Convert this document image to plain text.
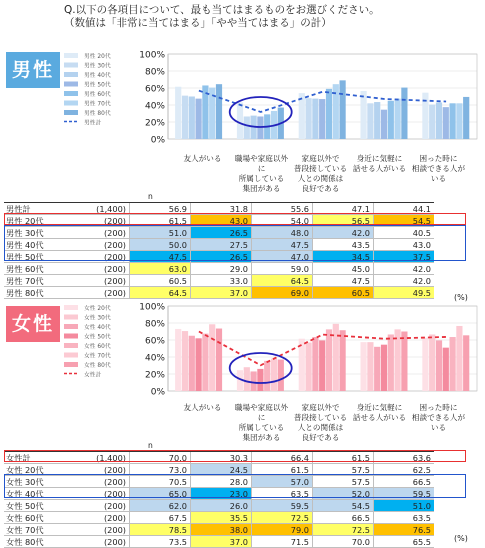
Q.以下の各項目について、最も当てはまるものをお選びください。
（数値は「非常に当てはまる」「やや当てはまる」の計）
男性
女性
男性 20代
男性 30代
男性 40代
男性 50代
男性 60代
男性 70代
男性 80代
男性計
100%
80%
60%
40%
20%
0%
女性 20代
女性 30代
女性 40代
女性 50代
女性 60代
女性 70代
女性 80代
女性計
100%
80%
60%
40%
20%
0%
n
n
友人がいる	職場や家庭以外に
所属している
集団がある
家庭以外で
普段接している
人との関係は
良好である
身近に気軽に
話せる人がいる
困った時に
相談できる人がいる
友人がいる	職場や家庭以外に
所属している
集団がある
家庭以外で
普段接している
人との関係は
良好である
身近に気軽に
話せる人がいる
困った時に
相談できる人がいる
男性計	(1,400)	56.9	31.8	55.6	47.1	44.1
男性 20代	(200)	61.5	43.0	54.0	56.5	54.5
男性 30代	(200)	51.0	26.5	48.0	42.0	40.5
男性 40代	(200)	50.0	27.5	47.5	43.5	43.0
男性 50代	(200)	47.5	26.5	47.0	34.5	37.5
男性 60代	(200)	63.0	29.0	59.0	45.0	42.0
男性 70代	(200)	60.5	33.0	64.5	47.5	42.0
男性 80代	(200)	64.5	37.0	69.0	60.5	49.5
女性計	(1,400)	70.0	30.3	66.4	61.5	63.6
女性 20代	(200)	73.0	24.5	61.5	57.5	62.5
女性 30代	(200)	70.5	28.0	57.0	57.5	66.5
女性 40代	(200)	65.0	23.0	63.5	52.0	59.5
女性 50代	(200)	62.0	26.0	59.5	54.5	51.0
女性 60代	(200)	67.5	35.5	72.5	66.5	63.5
女性 70代	(200)	78.5	38.0	79.0	72.5	76.5
女性 80代	(200)	73.5	37.0	71.5	70.0	65.5
(%)
(%)
